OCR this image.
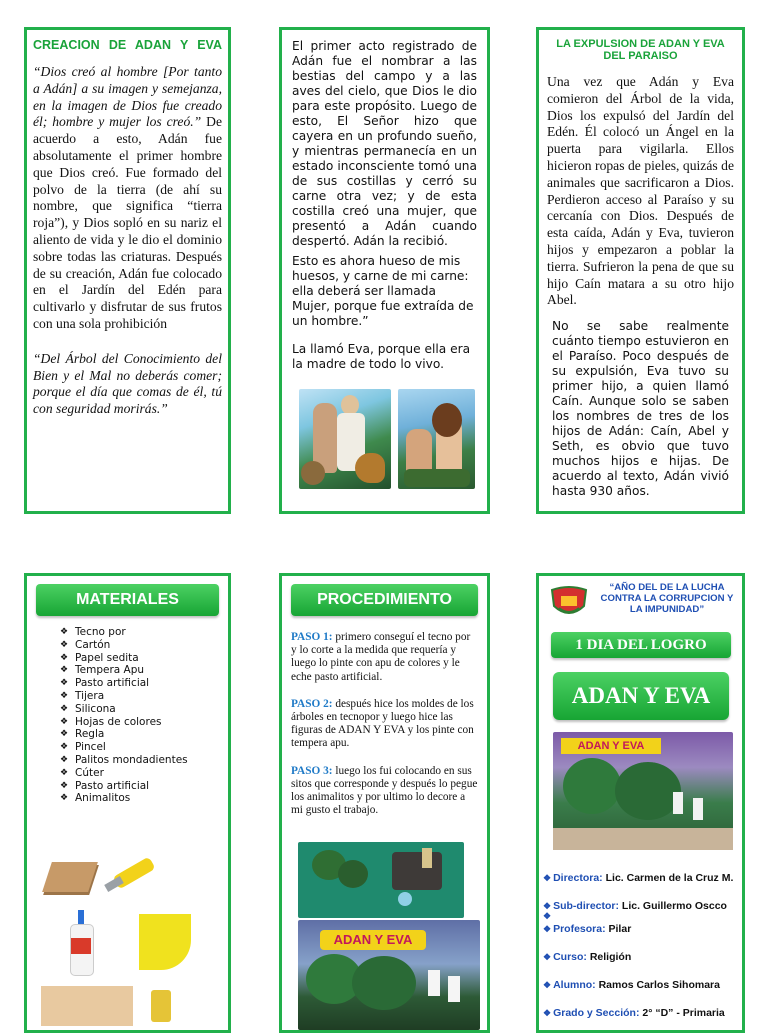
CREACION DE ADAN Y EVA

“Dios creó al hombre [Por tanto a Adán] a su imagen y semejanza, en la imagen de Dios fue creado él; hombre y mujer los creó.” De acuerdo a esto, Adán fue absolutamente el primer hombre que Dios creó. Fue formado del polvo de la tierra (de ahí su nombre, que significa “tierra roja”), y Dios sopló en su nariz el aliento de vida y le dio el dominio sobre todas las criaturas. Después de su creación, Adán fue colocado en el Jardín del Edén para cultivarlo y disfrutar de sus frutos con una sola prohibición

“Del Árbol del Conocimiento del Bien y el Mal no deberás comer; porque el día que comas de él, tú con seguridad morirás.”

El primer acto registrado de Adán fue el nombrar a las bestias del campo y a las aves del cielo, que Dios le dio para este propósito. Luego de esto, El Señor hizo que cayera en un profundo sueño, y mientras permanecía en un estado inconsciente tomó una de sus costillas y cerró su carne otra vez; y de esta costilla creó una mujer, que presentó a Adán cuando despertó. Adán la recibió.

Esto es ahora hueso de mis huesos, y carne de mi carne: ella deberá ser llamada Mujer, porque fue extraída de un hombre.”

La llamó Eva, porque ella era la madre de todo lo vivo.

LA EXPULSION DE ADAN Y EVA DEL PARAISO

Una vez que Adán y Eva comieron del Árbol de la vida, Dios los expulsó del Jardín del Edén. Él colocó un Ángel en la puerta para vigilarla. Ellos hicieron ropas de pieles, quizás de animales que sacrificaron a Dios. Perdieron acceso al Paraíso y su cercanía con Dios. Después de esta caída, Adán y Eva, tuvieron hijos y empezaron a poblar la tierra. Sufrieron la pena de que su hijo Caín matara a su otro hijo Abel.

No se sabe realmente cuánto tiempo estuvieron en el Paraíso. Poco después de su expulsión, Eva tuvo su primer hijo, a quien llamó Caín. Aunque solo se saben los nombres de tres de los hijos de Adán: Caín, Abel y Seth, es obvio que tuvo muchos hijos e hijas. De acuerdo al texto, Adán vivió hasta 930 años.

MATERIALES
❖ Tecno por
❖ Cartón
❖ Papel sedita
❖ Tempera Apu
❖ Pasto artificial
❖ Tijera
❖ Silicona
❖ Hojas de colores
❖ Regla
❖ Pincel
❖ Palitos mondadientes
❖ Cúter
❖ Pasto artificial
❖ Animalitos
PROCEDIMIENTO

PASO 1: primero conseguí el tecno por y lo corte a la medida que requería y luego lo pinte con apu de colores y le eche pasto artificial.

PASO 2: después hice los moldes de los árboles en tecnopor y luego hice las figuras de ADAN Y EVA y los pinte con tempera apu.

PASO 3: luego los fui colocando en sus sitos que corresponde y después lo pegue los animalitos y por ultimo lo decore a mi gusto el trabajo.

ADAN Y EVA
“AÑO DEL DE LA LUCHA CONTRA LA CORRUPCION Y LA IMPUNIDAD”
1 DIA DEL LOGRO
ADAN Y EVA
ADAN Y EVA

❖ Directora: Lic. Carmen de la Cruz M.

❖ Sub-director: Lic. Guillermo Oscco

❖

❖ Profesora: Pilar

❖ Curso: Religión

❖ Alumno: Ramos Carlos Sihomara

❖ Grado y Sección: 2° “D” - Primaria
